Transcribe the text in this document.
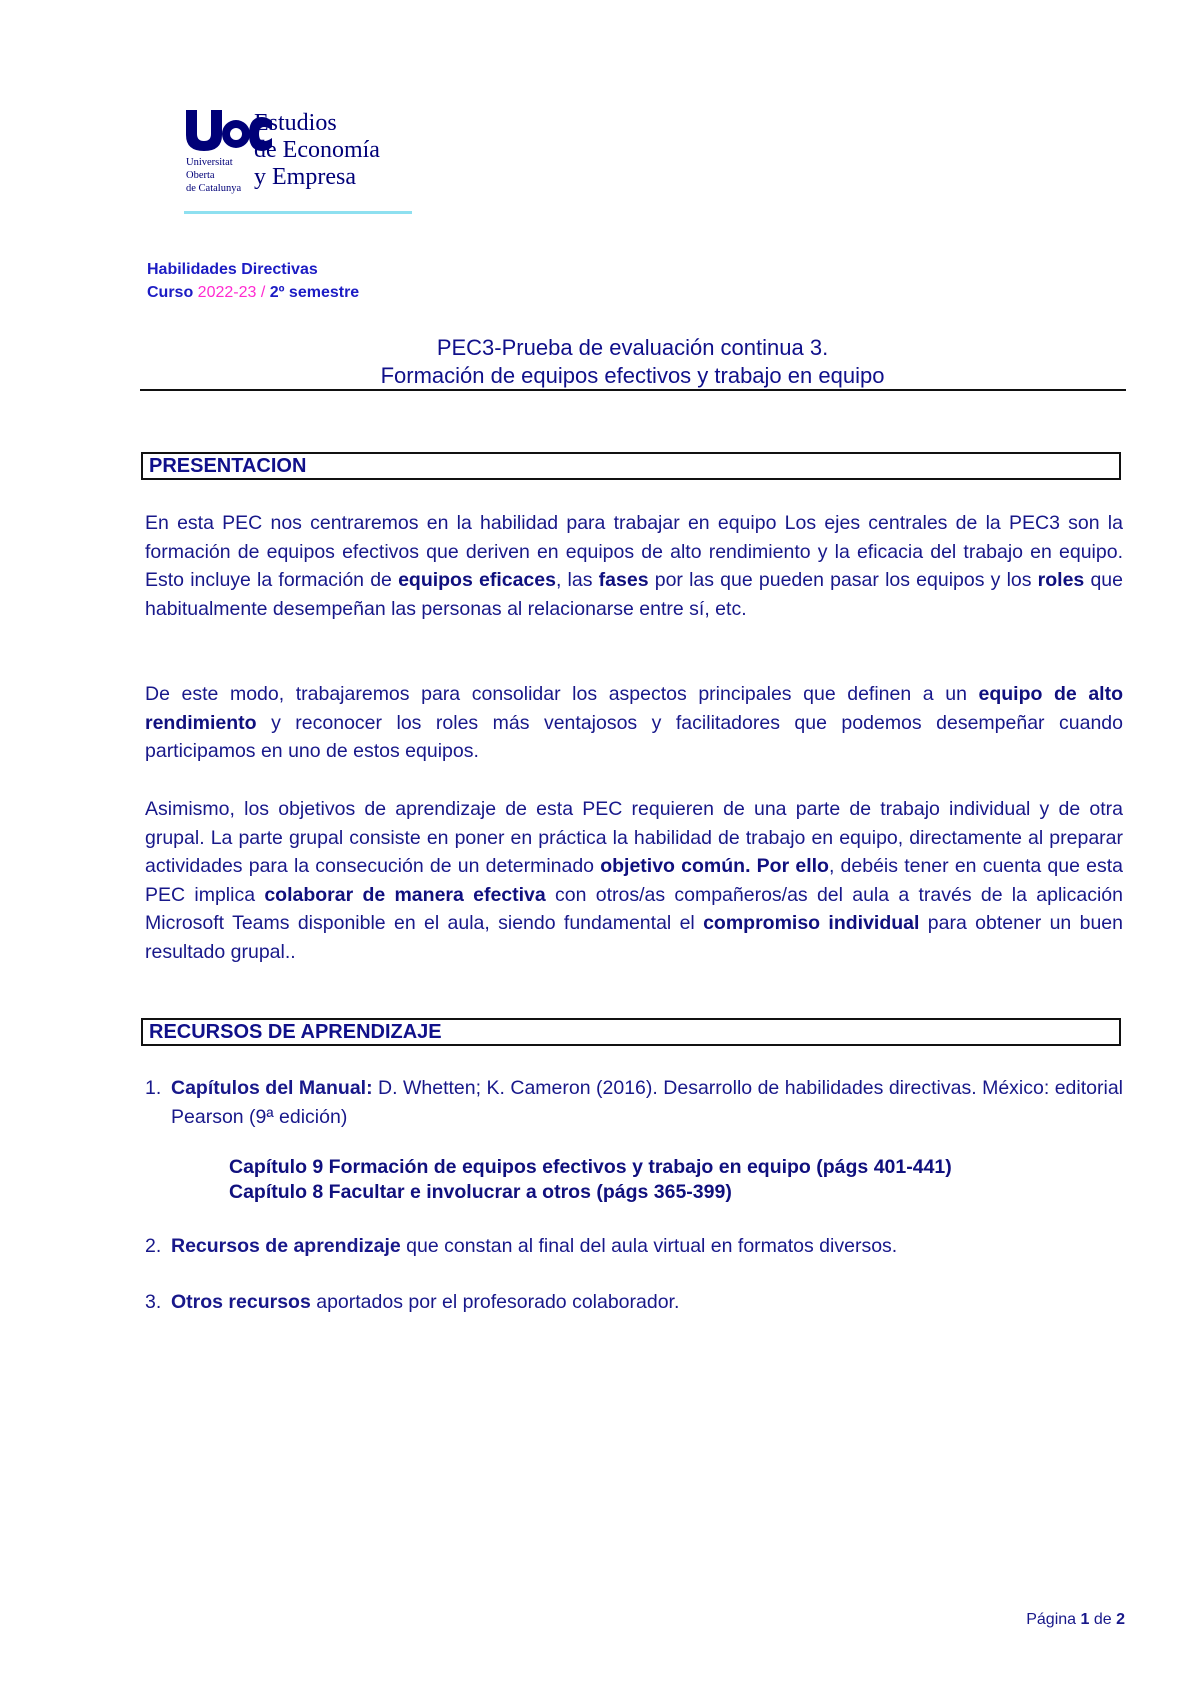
Universitat
Oberta
de Catalunya
Estudios
de Economía
y Empresa
Habilidades Directivas
Curso 2022-23 / 2º semestre
PEC3-Prueba de evaluación continua 3.
Formación de equipos efectivos y trabajo en equipo
PRESENTACION

En esta PEC nos centraremos en la habilidad para trabajar en equipo Los ejes centrales de la PEC3 son la formación de equipos efectivos que deriven en equipos de alto rendimiento y la eficacia del trabajo en equipo. Esto incluye la formación de equipos eficaces, las fases por las que pueden pasar los equipos y los roles que habitualmente desempeñan las personas al relacionarse entre sí, etc.

De este modo, trabajaremos para consolidar los aspectos principales que definen a un equipo de alto rendimiento y reconocer los roles más ventajosos y facilitadores que podemos desempeñar cuando participamos en uno de estos equipos.

Asimismo, los objetivos de aprendizaje de esta PEC requieren de una parte de trabajo individual y de otra grupal. La parte grupal consiste en poner en práctica la habilidad de trabajo en equipo, directamente al preparar actividades para la consecución de un determinado objetivo común. Por ello, debéis tener en cuenta que esta PEC implica colaborar de manera efectiva con otros/as compañeros/as del aula a través de la aplicación Microsoft Teams disponible en el aula, siendo fundamental el compromiso individual para obtener un buen resultado grupal..

RECURSOS DE APRENDIZAJE
1. Capítulos del Manual: D. Whetten; K. Cameron (2016). Desarrollo de habilidades directivas. México: editorial Pearson (9ª edición)
Capítulo 9 Formación de equipos efectivos y trabajo en equipo (págs 401-441)
Capítulo 8 Facultar e involucrar a otros (págs 365-399)
2. Recursos de aprendizaje que constan al final del aula virtual en formatos diversos.
3. Otros recursos aportados por el profesorado colaborador.
Página 1 de 2
